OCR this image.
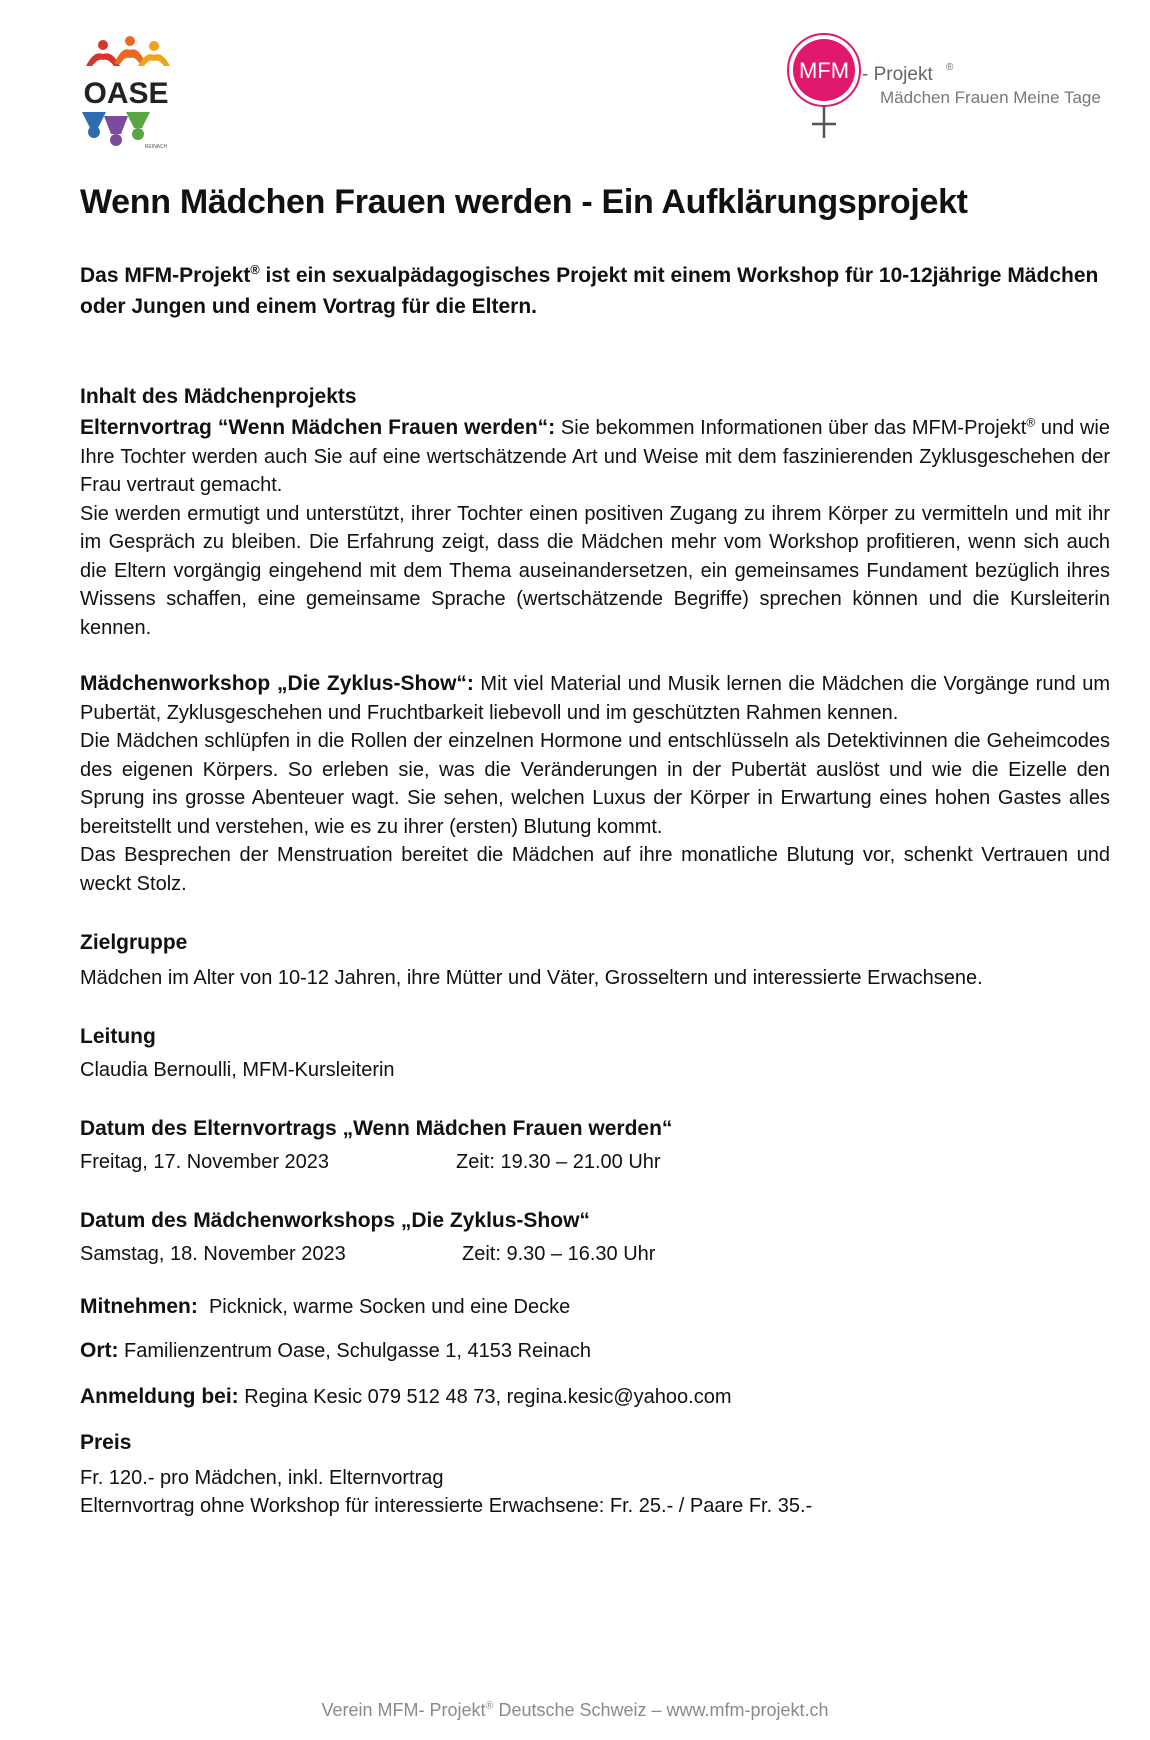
OASE
REINACH
MFM - Projekt ®
Mädchen Frauen Meine Tage
Wenn Mädchen Frauen werden - Ein Aufklärungsprojekt

Das MFM-Projekt® ist ein sexualpädagogisches Projekt mit einem Workshop für 10-12jährige Mädchen oder Jungen und einem Vortrag für die Eltern.

Inhalt des Mädchenprojekts

Elternvortrag “Wenn Mädchen Frauen werden“: Sie bekommen Informationen über das MFM-Projekt® und wie Ihre Tochter werden auch Sie auf eine wertschätzende Art und Weise mit dem faszinierenden Zyklusgeschehen der Frau vertraut gemacht.

Sie werden ermutigt und unterstützt, ihrer Tochter einen positiven Zugang zu ihrem Körper zu vermitteln und mit ihr im Gespräch zu bleiben. Die Erfahrung zeigt, dass die Mädchen mehr vom Workshop profitieren, wenn sich auch die Eltern vorgängig eingehend mit dem Thema auseinandersetzen, ein gemeinsames Fundament bezüglich ihres Wissens schaffen, eine gemeinsame Sprache (wertschätzende Begriffe) sprechen können und die Kursleiterin kennen.

Mädchenworkshop „Die Zyklus-Show“: Mit viel Material und Musik lernen die Mädchen die Vorgänge rund um Pubertät, Zyklusgeschehen und Fruchtbarkeit liebevoll und im geschützten Rahmen kennen.

Die Mädchen schlüpfen in die Rollen der einzelnen Hormone und entschlüsseln als Detektivinnen die Geheimcodes des eigenen Körpers. So erleben sie, was die Veränderungen in der Pubertät auslöst und wie die Eizelle den Sprung ins grosse Abenteuer wagt. Sie sehen, welchen Luxus der Körper in Erwartung eines hohen Gastes alles bereitstellt und verstehen, wie es zu ihrer (ersten) Blutung kommt.

Das Besprechen der Menstruation bereitet die Mädchen auf ihre monatliche Blutung vor, schenkt Vertrauen und weckt Stolz.

Zielgruppe

Mädchen im Alter von 10-12 Jahren, ihre Mütter und Väter, Grosseltern und interessierte Erwachsene.

Leitung

Claudia Bernoulli, MFM-Kursleiterin

Datum des Elternvortrags „Wenn Mädchen Frauen werden“

Freitag, 17. November 2023	Zeit: 19.30 – 21.00 Uhr

Datum des Mädchenworkshops „Die Zyklus-Show“

Samstag, 18. November 2023	Zeit: 9.30 – 16.30 Uhr

Mitnehmen:  Picknick, warme Socken und eine Decke

Ort: Familienzentrum Oase, Schulgasse 1, 4153 Reinach

Anmeldung bei: Regina Kesic 079 512 48 73, regina.kesic@yahoo.com

Preis

Fr. 120.- pro Mädchen, inkl. Elternvortrag

Elternvortrag ohne Workshop für interessierte Erwachsene: Fr. 25.- / Paare Fr. 35.-

Verein MFM- Projekt® Deutsche Schweiz – www.mfm-projekt.ch
